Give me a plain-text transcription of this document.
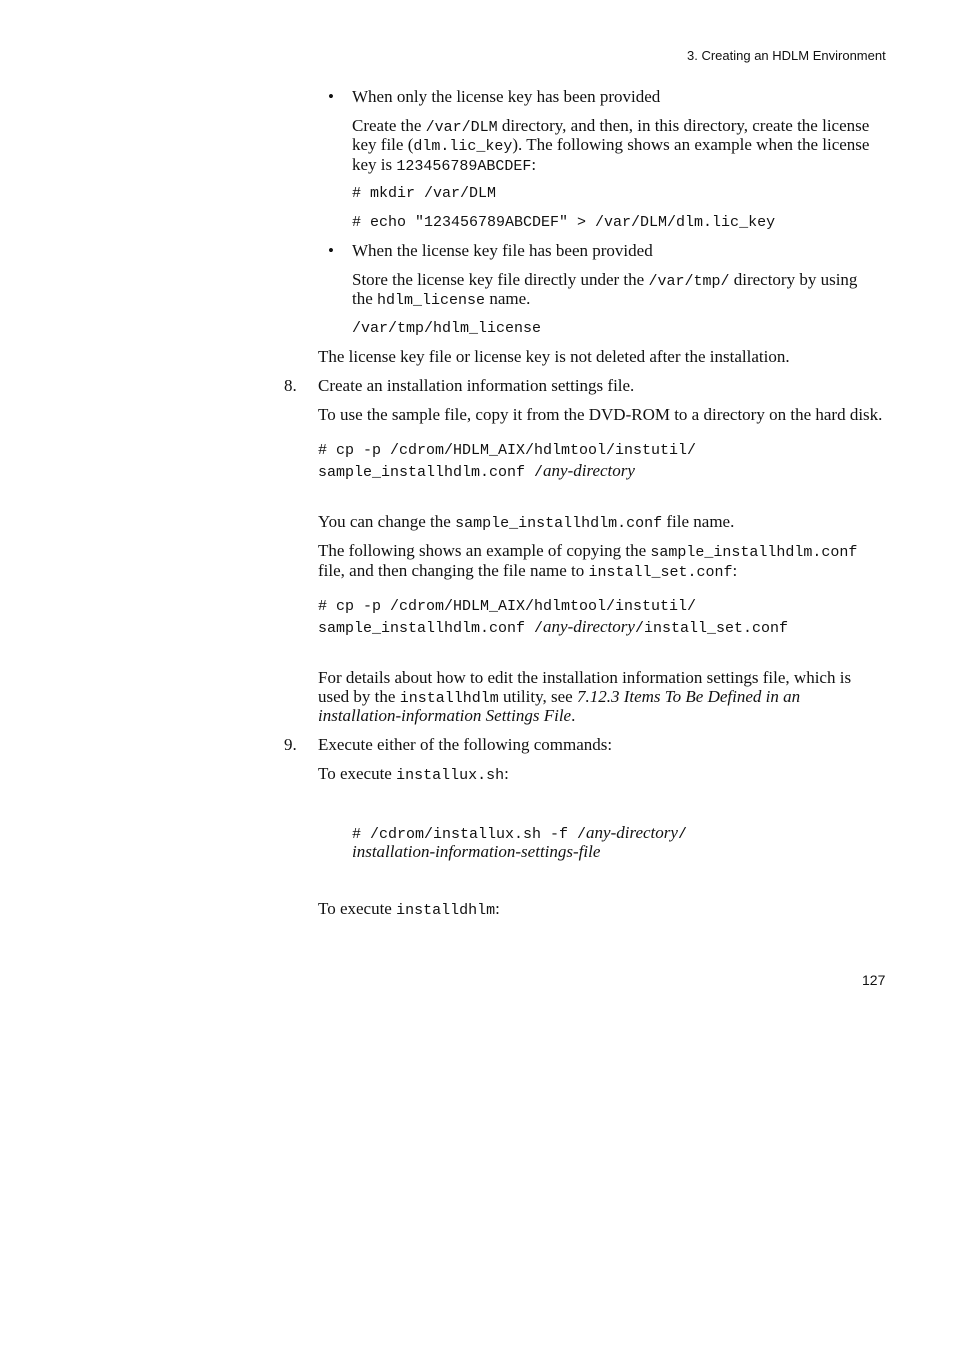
3. Creating an HDLM Environment
• When only the license key has been provided
Create the /var/DLM directory, and then, in this directory, create the license
key file (dlm.lic_key). The following shows an example when the license
key is 123456789ABCDEF:
# mkdir /var/DLM
# echo "123456789ABCDEF" > /var/DLM/dlm.lic_key
• When the license key file has been provided
Store the license key file directly under the /var/tmp/ directory by using
the hdlm_license name.
/var/tmp/hdlm_license
The license key file or license key is not deleted after the installation.
8. Create an installation information settings file.
To use the sample file, copy it from the DVD-ROM to a directory on the hard disk.
# cp -p /cdrom/HDLM_AIX/hdlmtool/instutil/
sample_installhdlm.conf /any-directory
You can change the sample_installhdlm.conf file name.
The following shows an example of copying the sample_installhdlm.conf
file, and then changing the file name to install_set.conf:
# cp -p /cdrom/HDLM_AIX/hdlmtool/instutil/
sample_installhdlm.conf /any-directory/install_set.conf
For details about how to edit the installation information settings file, which is
used by the installhdlm utility, see 7.12.3 Items To Be Defined in an
installation-information Settings File.
9. Execute either of the following commands:
To execute installux.sh:
# /cdrom/installux.sh -f /any-directory/
installation-information-settings-file
To execute installdhlm:
127
